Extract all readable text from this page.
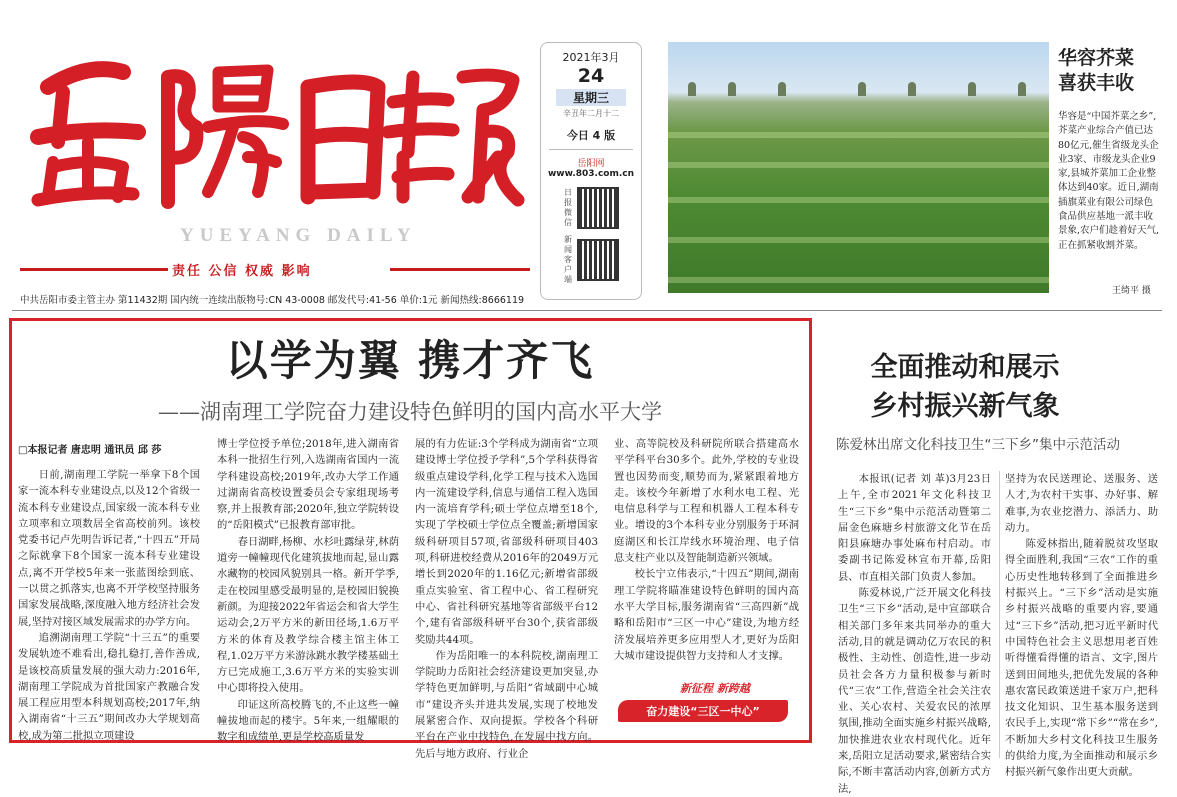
YUEYANG DAILY
责任 公信 权威 影响
2021年3月
24
星期三
辛丑年二月十二
今日 4 版
岳阳网
www.803.com.cn
日报微信
新闻客户端
华容芥菜
喜获丰收
华容是“中国芥菜之乡”,芥菜产业综合产值已达80亿元,催生省级龙头企业3家、市级龙头企业9家,县城芥菜加工企业整体达到40家。近日,湖南插旗菜业有限公司绿色食品供应基地一派丰收景象,农户们趁着好天气,正在抓紧收割芥菜。
王绮平 摄
中共岳阳市委主管主办 第11432期 国内统一连续出版物号:CN 43-0008 邮发代号:41-56 单价:1元 新闻热线:8666119
以学为翼 携才齐飞
——湖南理工学院奋力建设特色鲜明的国内高水平大学
□本报记者 唐忠明 通讯员 邱 莎

日前,湖南理工学院一举拿下8个国家一流本科专业建设点,以及12个省级一流本科专业建设点,国家级一流本科专业立项率和立项数居全省高校前列。该校党委书记卢先明告诉记者,“十四五”开局之际就拿下8个国家一流本科专业建设点,离不开学校5年来一张蓝图绘到底、一以贯之抓落实,也离不开学校坚持服务国家发展战略,深度融入地方经济社会发展,坚持对接区域发展需求的办学方向。

追溯湖南理工学院“十三五”的重要发展轨迹不难看出,稳扎稳打,善作善成,是该校高质量发展的强大动力:2016年,湖南理工学院成为首批国家产教融合发展工程应用型本科规划高校;2017年,纳入湖南省“十三五”期间改办大学规划高校,成为第二批拟立项建设

博士学位授予单位;2018年,进入湖南省本科一批招生行列,入选湖南省国内一流学科建设高校;2019年,改办大学工作通过湖南省高校设置委员会专家组现场考察,并上报教育部;2020年,独立学院转设的“岳阳模式”已报教育部审批。

春日湖畔,杨柳、水杉吐露绿芽,林荫道旁一幢幢现代化建筑拔地而起,显山露水藏物的校园风貌别具一格。新开学季,走在校园里感受最明显的,是校园旧貌换新颜。为迎接2022年省运会和省大学生运动会,2万平方米的新田径场,1.6万平方米的体育及教学综合楼主馆主体工程,1.02万平方米游泳跳水教学楼基础土方已完成施工,3.6万平方米的实验实训中心即将投入使用。

印证这所高校腾飞的,不止这些一幢幢拔地而起的楼宇。5年来,一组耀眼的数字和成绩单,更是学校高质量发

展的有力佐证:3个学科成为湖南省“立项建设博士学位授予学科”,5个学科获得省级重点建设学科,化学工程与技术入选国内一流建设学科,信息与通信工程入选国内一流培育学科;硕士学位点增至18个,实现了学校硕士学位点全覆盖;新增国家级科研项目57项,省部级科研项目403项,科研进校经费从2016年的2049万元增长到2020年的1.16亿元;新增省部级重点实验室、省工程中心、省工程研究中心、省社科研究基地等省部级平台12个,建有省部级科研平台30个,获省部级奖励共44项。

作为岳阳唯一的本科院校,湖南理工学院助力岳阳社会经济建设更加突显,办学特色更加鲜明,与岳阳“省域副中心城市”建设齐头并进共发展,实现了校地发展紧密合作、双向提振。学校各个科研平台在产业中找特色,在发展中找方向。先后与地方政府、行业企

业、高等院校及科研院所联合搭建高水平学科平台30多个。此外,学校的专业设置也因势而变,顺势而为,紧紧跟着地方走。该校今年新增了水利水电工程、光电信息科学与工程和机器人工程本科专业。增设的3个本科专业分别服务于环洞庭湖区和长江岸线水环境治理、电子信息支柱产业以及智能制造新兴领域。

校长宁立伟表示,“十四五”期间,湖南理工学院将瞄准建设特色鲜明的国内高水平大学目标,服务湖南省“三高四新”战略和岳阳市“三区一中心”建设,为地方经济发展培养更多应用型人才,更好为岳阳大城市建设提供智力支持和人才支撑。

新征程 新跨越
奋力建设“三区一中心”
全面推动和展示
乡村振兴新气象
陈爱林出席文化科技卫生“三下乡”集中示范活动

本报讯(记者 刘 革)3月23日上午,全市2021年文化科技卫生“三下乡”集中示范活动暨第二届金色麻塘乡村旅游文化节在岳阳县麻塘办事处麻布村启动。市委副书记陈爱林宣布开幕,岳阳县、市直相关部门负责人参加。

陈爱林说,广泛开展文化科技卫生“三下乡”活动,是中宣部联合相关部门多年来共同举办的重大活动,目的就是调动亿万农民的积极性、主动性、创造性,进一步动员社会各方力量积极参与新时代“三农”工作,营造全社会关注农业、关心农村、关爱农民的浓厚氛围,推动全面实施乡村振兴战略,加快推进农业农村现代化。近年来,岳阳立足活动要求,紧密结合实际,不断丰富活动内容,创新方式方法,

坚持为农民送理论、送服务、送人才,为农村干实事、办好事、解难事,为农业挖潜力、添活力、助动力。

陈爱林指出,随着脱贫攻坚取得全面胜利,我国“三农”工作的重心历史性地转移到了全面推进乡村振兴上。“三下乡”活动是实施乡村振兴战略的重要内容,要通过“三下乡”活动,把习近平新时代中国特色社会主义思想用老百姓听得懂看得懂的语言、文字,图片送到田间地头,把优先发展的各种惠农富民政策送进千家万户,把科技文化知识、卫生基本服务送到农民手上,实现“常下乡”“常在乡”,不断加大乡村文化科技卫生服务的供给力度,为全面推动和展示乡村振兴新气象作出更大贡献。
